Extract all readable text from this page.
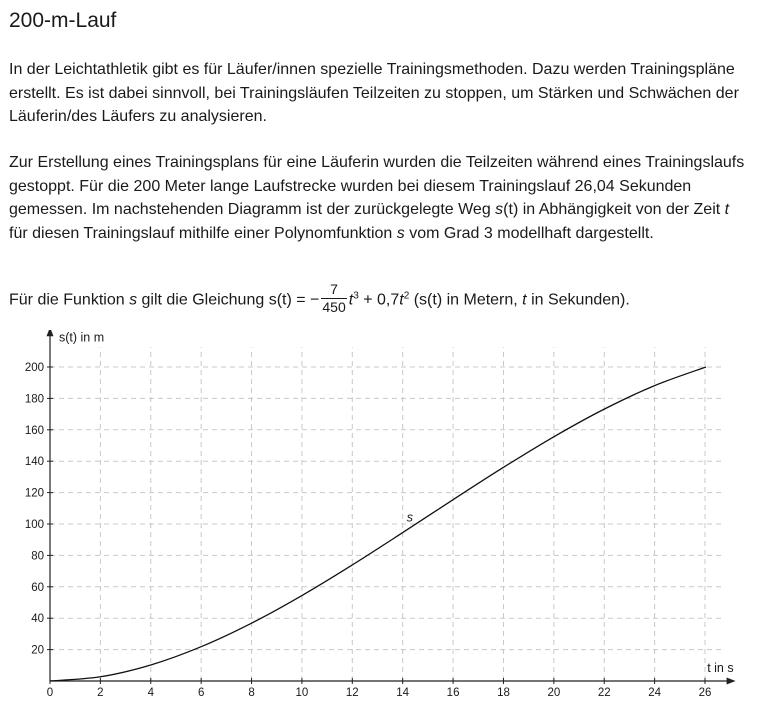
200-m-Lauf

In der Leichtathletik gibt es für Läufer/innen spezielle Trainingsmethoden. Dazu werden Trainingspläne erstellt. Es ist dabei sinnvoll, bei Trainingsläufen Teilzeiten zu stoppen, um Stärken und Schwächen der Läuferin/des Läufers zu analysieren.

Zur Erstellung eines Trainingsplans für eine Läuferin wurden die Teilzeiten während eines Trainingslaufs gestoppt. Für die 200 Meter lange Laufstrecke wurden bei diesem Trainingslauf 26,04 Sekunden gemessen. Im nachstehenden Diagramm ist der zurückgelegte Weg s(t) in Abhängigkeit von der Zeit t für diesen Trainingslauf mithilfe einer Polynomfunktion s vom Grad 3 modellhaft dargestellt.

Für die Funktion s gilt die Gleichung s(t) = − $\frac{7}{450} t^3 + 0,7t^2$ (s(t) in Metern, t in Sekunden).

0	2	4	6	8	10	12	14	16	18	20	22	24	26
20
40
60
80
100
120
140
160
180
200
s
s(t) in m
t in s
